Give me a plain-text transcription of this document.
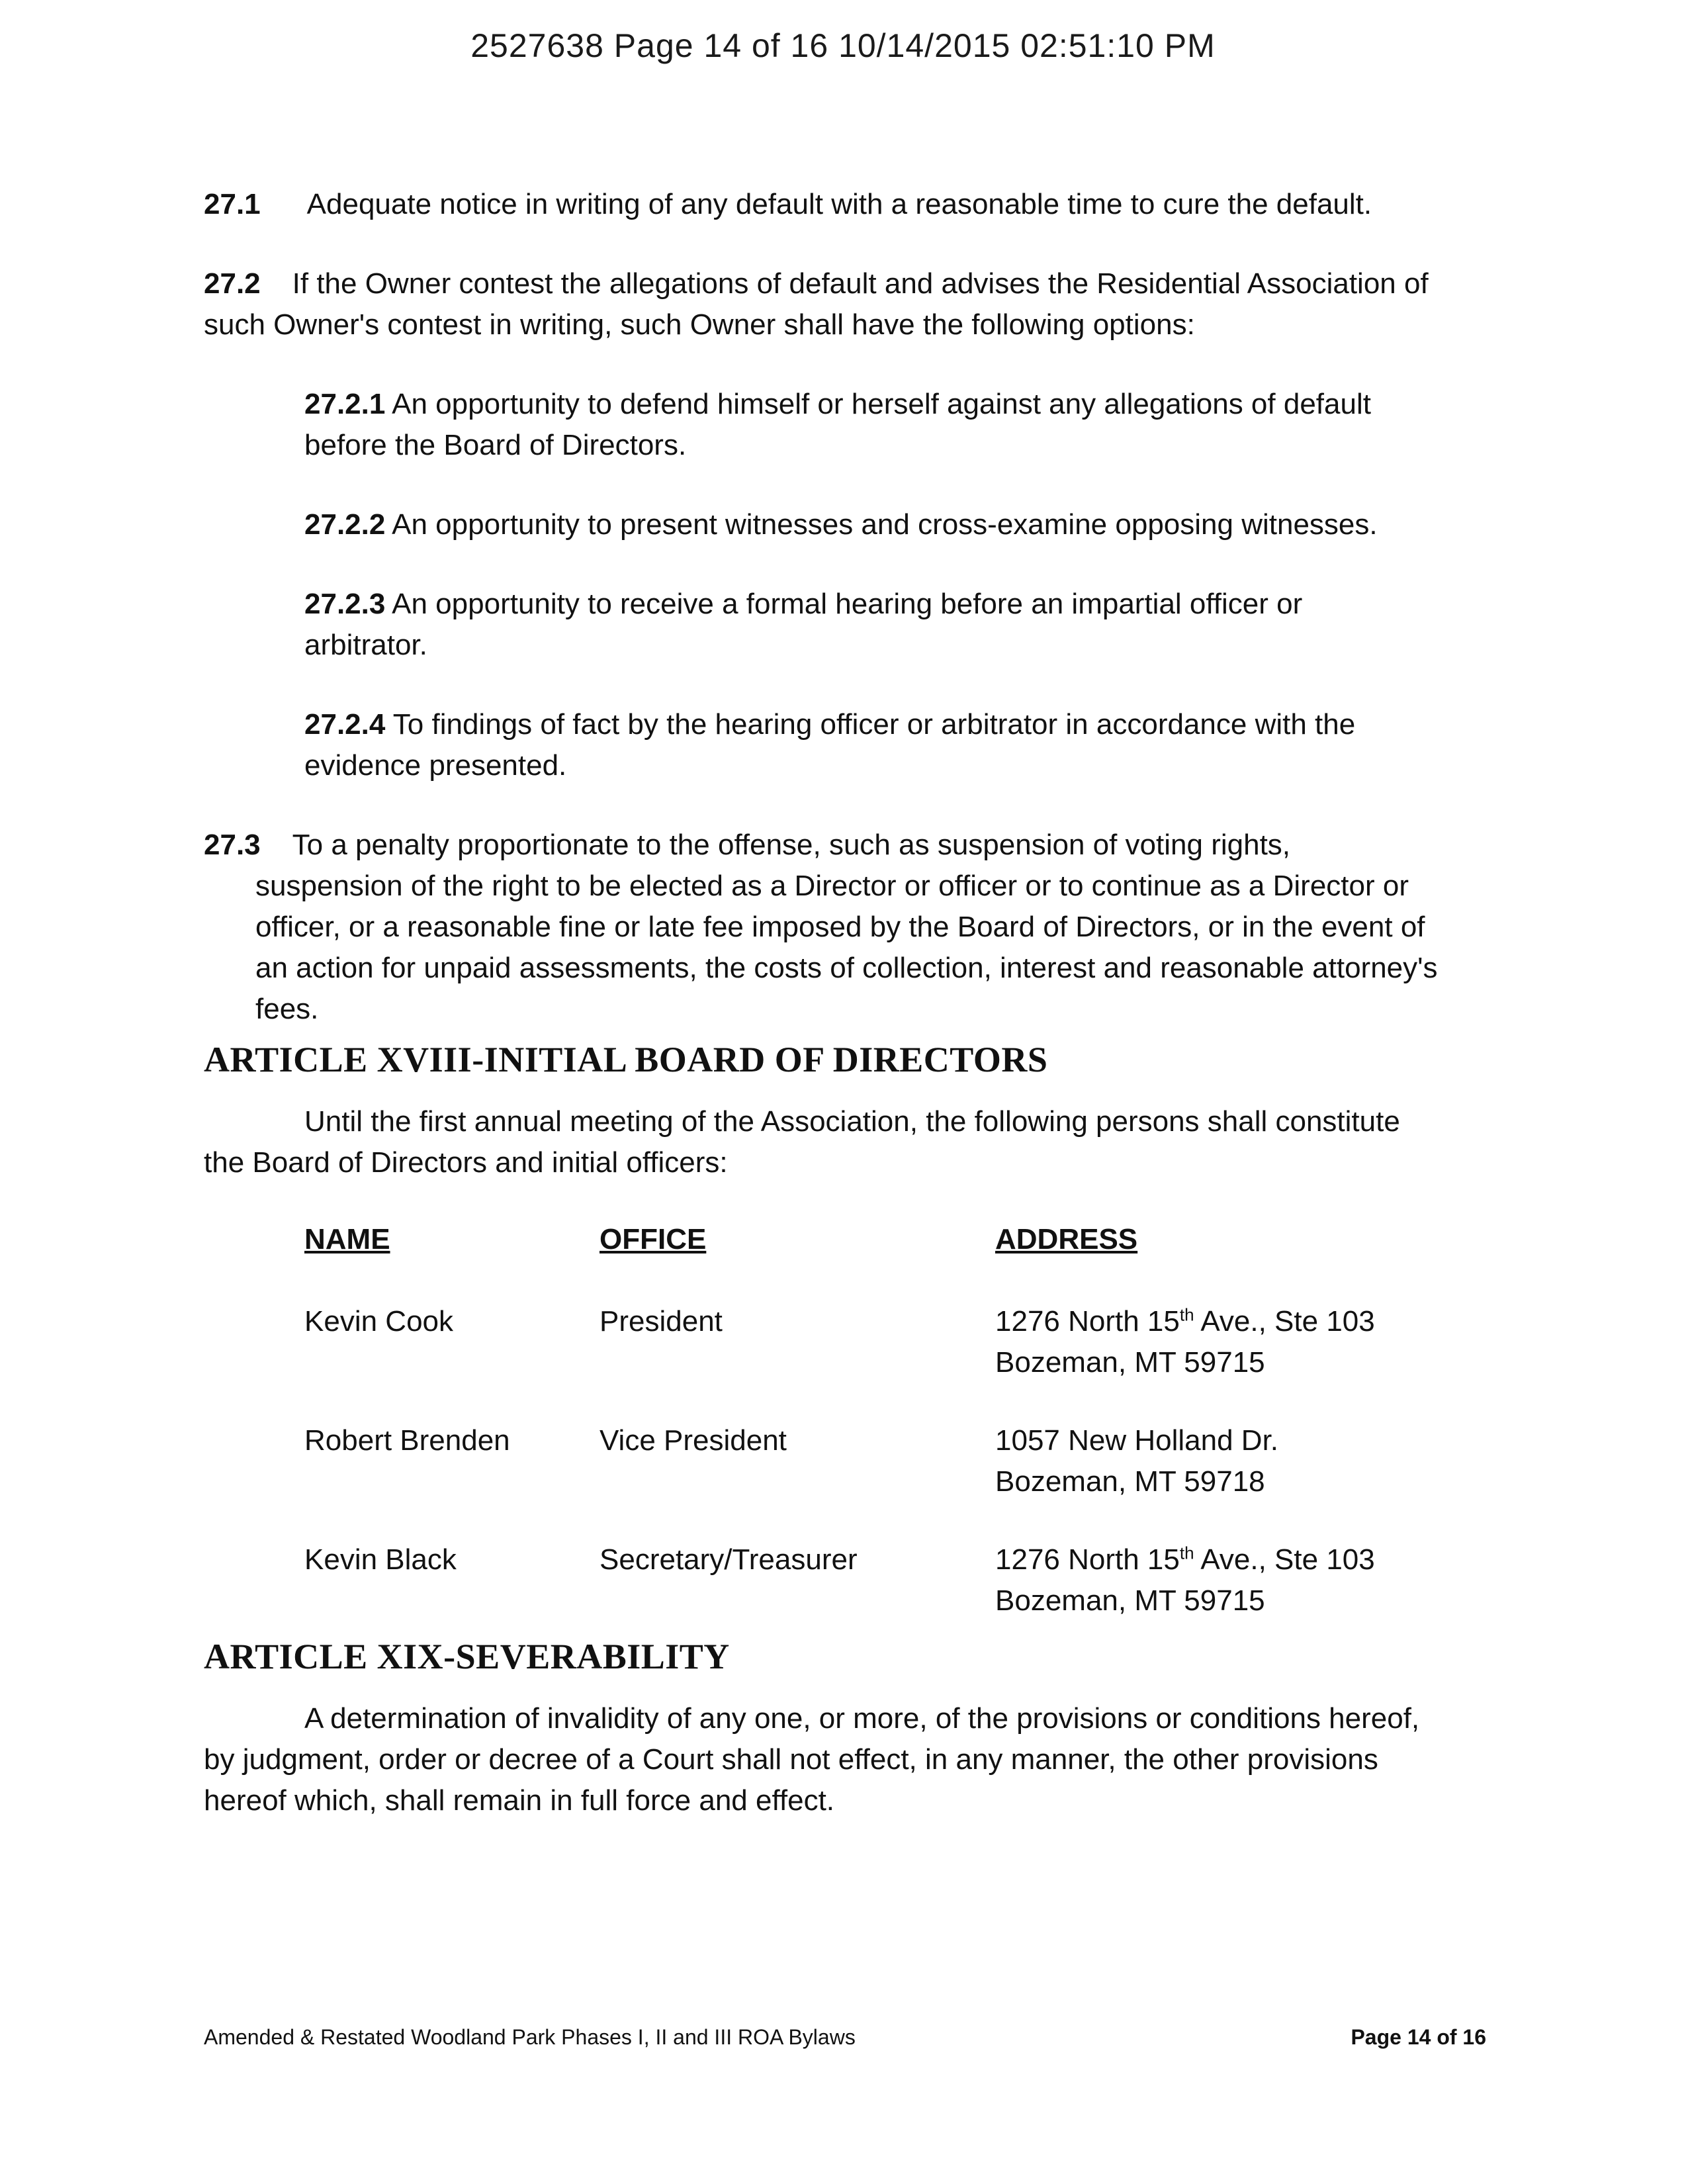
2527638 Page 14 of 16 10/14/2015 02:51:10 PM
27.1 Adequate notice in writing of any default with a reasonable time to cure the default.
27.2 If the Owner contest the allegations of default and advises the Residential Association of
such Owner's contest in writing, such Owner shall have the following options:
27.2.1 An opportunity to defend himself or herself against any allegations of default
before the Board of Directors.
27.2.2 An opportunity to present witnesses and cross-examine opposing witnesses.
27.2.3 An opportunity to receive a formal hearing before an impartial officer or
arbitrator.
27.2.4 To findings of fact by the hearing officer or arbitrator in accordance with the
evidence presented.
27.3 To a penalty proportionate to the offense, such as suspension of voting rights,
suspension of the right to be elected as a Director or officer or to continue as a Director or
officer, or a reasonable fine or late fee imposed by the Board of Directors, or in the event of
an action for unpaid assessments, the costs of collection, interest and reasonable attorney's
fees.
ARTICLE XVIII-INITIAL BOARD OF DIRECTORS
Until the first annual meeting of the Association, the following persons shall constitute
the Board of Directors and initial officers:
NAME	OFFICE	ADDRESS
Kevin Cook	President	1276 North 15th Ave., Ste 103
Bozeman, MT 59715
Robert Brenden	Vice President	1057 New Holland Dr.
Bozeman, MT 59718
Kevin Black	Secretary/Treasurer	1276 North 15th Ave., Ste 103
Bozeman, MT 59715
ARTICLE XIX-SEVERABILITY
A determination of invalidity of any one, or more, of the provisions or conditions hereof,
by judgment, order or decree of a Court shall not effect, in any manner, the other provisions
hereof which, shall remain in full force and effect.
Amended & Restated Woodland Park Phases I, II and III ROA Bylaws	Page 14 of 16
